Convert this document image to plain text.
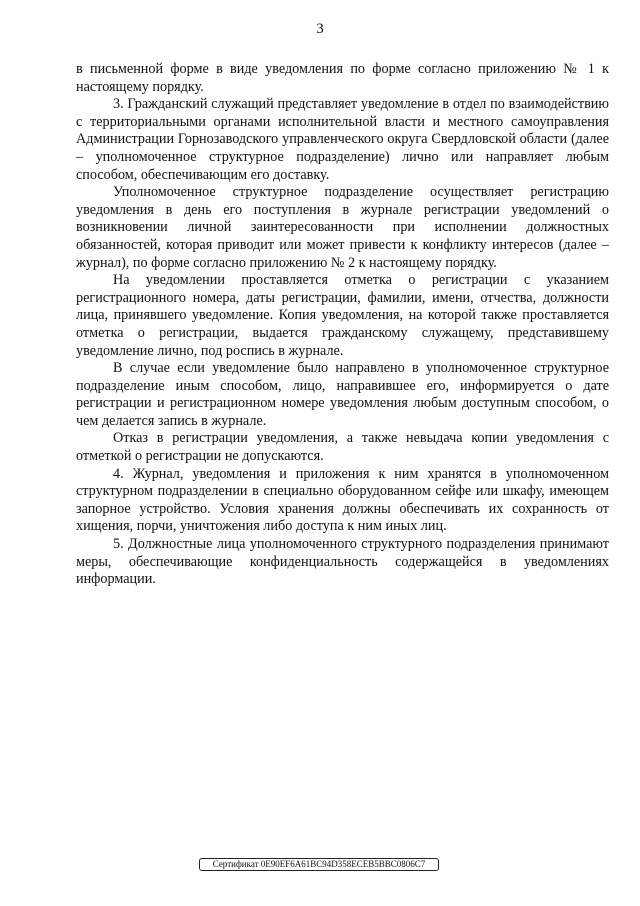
3

в письменной форме в виде уведомления по форме согласно приложению № 1 к настоящему порядку.

3. Гражданский служащий представляет уведомление в отдел по взаимодействию с территориальными органами исполнительной власти и местного самоуправления Администрации Горнозаводского управленческого округа Свердловской области (далее – уполномоченное структурное подразделение) лично или направляет любым способом, обеспечивающим его доставку.

Уполномоченное структурное подразделение осуществляет регистрацию уведомления в день его поступления в журнале регистрации уведомлений о возникновении личной заинтересованности при исполнении должностных обязанностей, которая приводит или может привести к конфликту интересов (далее – журнал), по форме согласно приложению № 2 к настоящему порядку.

На уведомлении проставляется отметка о регистрации с указанием регистрационного номера, даты регистрации, фамилии, имени, отчества, должности лица, принявшего уведомление. Копия уведомления, на которой также проставляется отметка о регистрации, выдается гражданскому служащему, представившему уведомление лично, под роспись в журнале.

В случае если уведомление было направлено в уполномоченное структурное подразделение иным способом, лицо, направившее его, информируется о дате регистрации и регистрационном номере уведомления любым доступным способом, о чем делается запись в журнале.

Отказ в регистрации уведомления, а также невыдача копии уведомления с отметкой о регистрации не допускаются.

4. Журнал, уведомления и приложения к ним хранятся в уполномоченном структурном подразделении в специально оборудованном сейфе или шкафу, имеющем запорное устройство. Условия хранения должны обеспечивать их сохранность от хищения, порчи, уничтожения либо доступа к ним иных лиц.

5. Должностные лица уполномоченного структурного подразделения принимают меры, обеспечивающие конфиденциальность содержащейся в уведомлениях информации.

Сертификат 0E90EF6A61BC94D358ECEB5BBC0806C7
